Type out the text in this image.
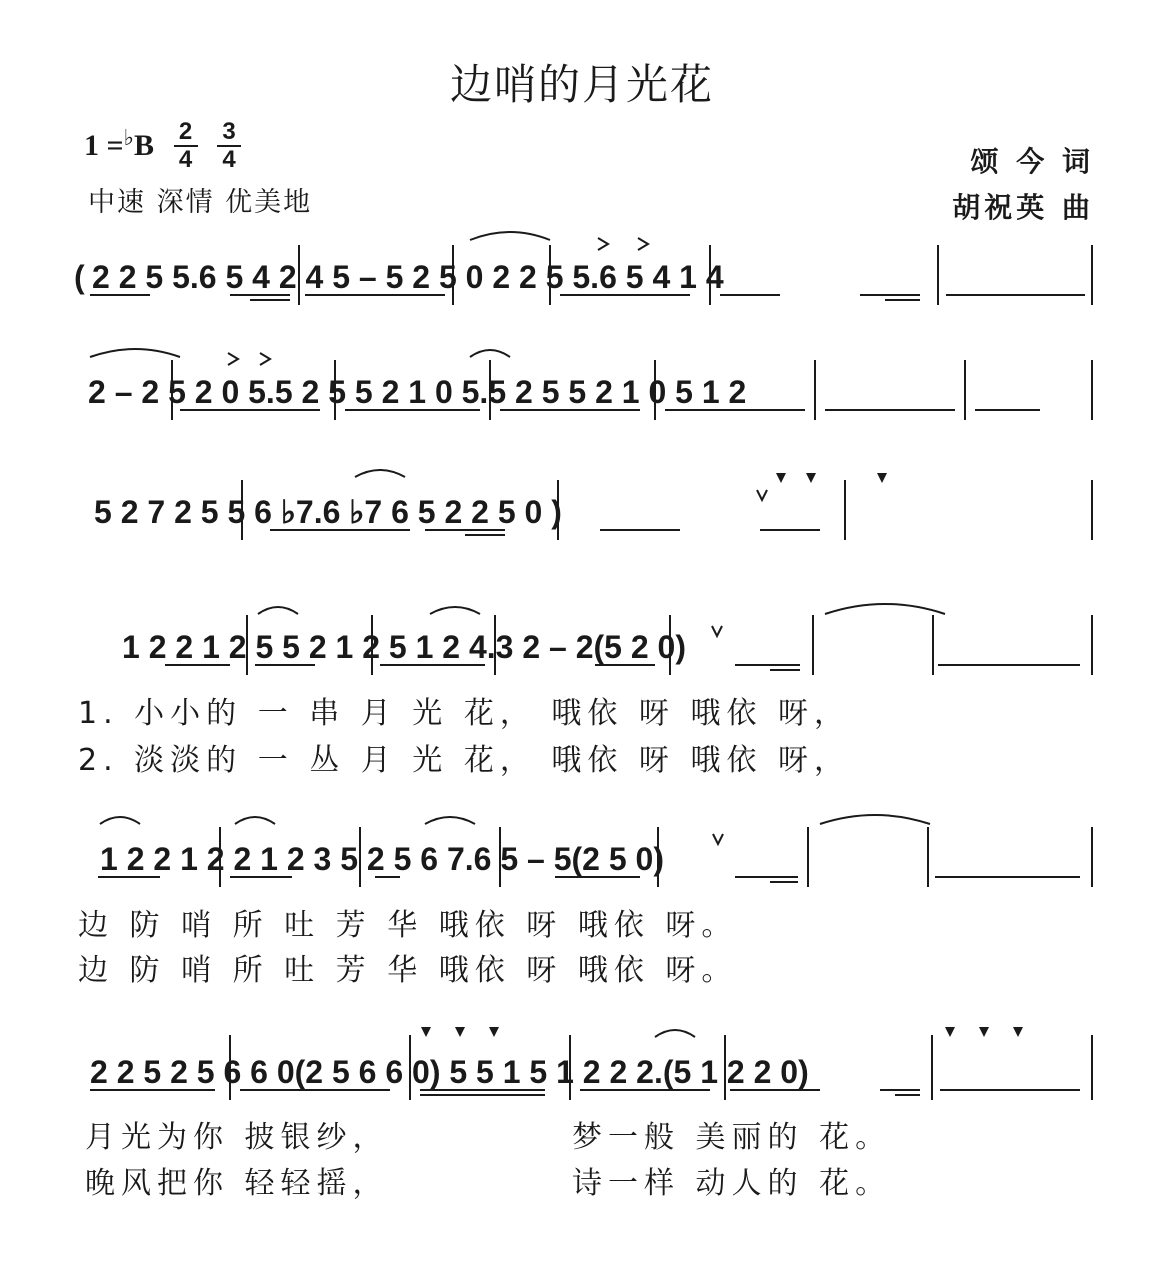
边哨的月光花
$1 =^♭B \frac{2}{4}$
$\frac{3}{4}$
中速 深情 优美地
颂 今 词
胡祝英 曲
( 2 2 5 5.6 5 4 2 4 5 – 5 2 5 0 2 2 5 5.6 5 4 1 4
2 – 2 5 2 0 5.5 2 5 5 2 1 0 5.5 2 5 5 2 1 0 5 1 2
5 2 7 2 5 5 6 ♭7.6 ♭7 6 5 2 2 5 0 )
1 2 2 1 2 5 5 2 1 2 5 1 2 4.3 2 – 2(5 2 0)
1. 小小的 一 串 月 光 花， 哦依 呀 哦依 呀，
2. 淡淡的 一 丛 月 光 花， 哦依 呀 哦依 呀，
1 2 2 1 2 2 1 2 3 5 2 5 6 7.6 5 – 5(2 5 0)
边 防 哨 所 吐 芳 华 哦依 呀 哦依 呀。
边 防 哨 所 吐 芳 华 哦依 呀 哦依 呀。
2 2 5 2 5 6 6 0(2 5 6 6 0) 5 5 1 5 1 2 2 2.(5 1 2 2 0)
月光为你 披银纱，	梦一般 美丽的 花。
晚风把你 轻轻摇，	诗一样 动人的 花。
